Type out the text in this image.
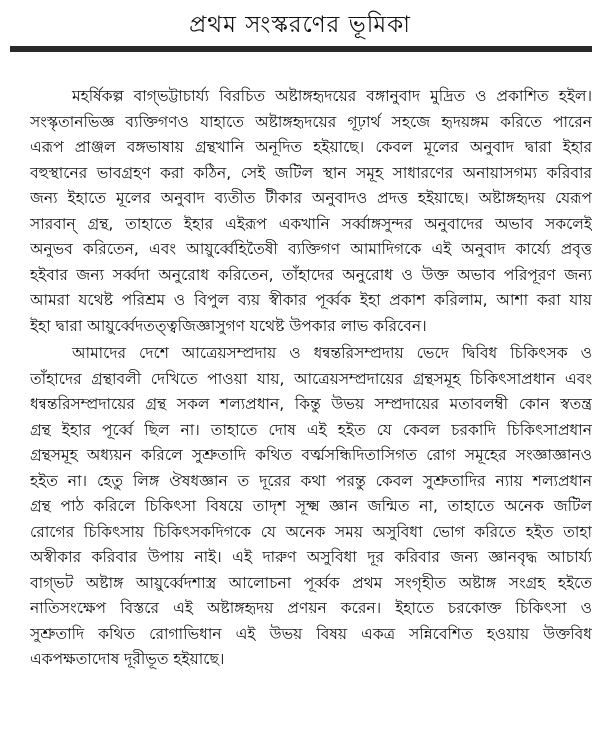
প্রথম সংস্করণের ভূমিকা
মহর্ষিকল্প বাগ্ভট্টাচার্য্য বিরচিত অষ্টাঙ্গহৃদয়ের বঙ্গানুবাদ মুদ্রিত ও প্রকাশিত হইল।
সংস্কৃতানভিজ্ঞ ব্যক্তিগণও যাহাতে অষ্টাঙ্গহৃদয়ের গূঢ়ার্থ সহজে হৃদয়ঙ্গম করিতে পারেন
এরূপ প্রাঞ্জল বঙ্গভাষায় গ্রন্থখানি অনূদিত হইয়াছে। কেবল মূলের অনুবাদ দ্বারা ইহার
বহুস্থানের ভাবগ্রহণ করা কঠিন, সেই জটিল স্থান সমূহ সাধারণের অনায়াসগম্য করিবার
জন্য ইহাতে মূলের অনুবাদ ব্যতীত টীকার অনুবাদও প্রদত্ত হইয়াছে। অষ্টাঙ্গহৃদয় যেরূপ
সারবান্ গ্রন্থ, তাহাতে ইহার এইরূপ একখানি সর্ব্বাঙ্গসুন্দর অনুবাদের অভাব সকলেই
অনুভব করিতেন, এবং আয়ুর্ব্বেহিতৈষী ব্যক্তিগণ আমাদিগকে এই অনুবাদ কার্য্যে প্রবৃত্ত
হইবার জন্য সর্ব্বদা অনুরোধ করিতেন, তাঁহাদের অনুরোধ ও উক্ত অভাব পরিপূরণ জন্য
আমরা যথেষ্ট পরিশ্রম ও বিপুল ব্যয় স্বীকার পূর্ব্বক ইহা প্রকাশ করিলাম, আশা করা যায়
ইহা দ্বারা আয়ুর্ব্বেদতত্ত্বজিজ্ঞাসুগণ যথেষ্ট উপকার লাভ করিবেন।
আমাদের দেশে আত্রেয়সম্প্রদায় ও ধন্বন্তরিসম্প্রদায় ভেদে দ্বিবিধ চিকিৎসক ও
তাঁহাদের গ্রন্থাবলী দেখিতে পাওয়া যায়, আত্রেয়সম্প্রদায়ের গ্রন্থসমূহ চিকিৎসাপ্রধান এবং
ধন্বন্তরিসম্প্রদায়ের গ্রন্থ সকল শল্যপ্রধান, কিন্তু উভয় সম্প্রদায়ের মতাবলম্বী কোন স্বতন্ত্র
গ্রন্থ ইহার পূর্ব্বে ছিল না। তাহাতে দোষ এই হইত যে কেবল চরকাদি চিকিৎসাপ্রধান
গ্রন্থসমূহ অধ্যয়ন করিলে সুশ্রুতাদি কথিত বর্ত্মসন্ধিদিতাসিগত রোগ সমূহের সংজ্ঞাজ্ঞানও
হইত না। হেতু লিঙ্গ ঔষধজ্ঞান ত দূরের কথা পরন্তু কেবল সুশ্রুতাদির ন্যায় শল্যপ্রধান
গ্রন্থ পাঠ করিলে চিকিৎসা বিষয়ে তাদৃশ সূক্ষ্ম জ্ঞান জন্মিত না, তাহাতে অনেক জটিল
রোগের চিকিৎসায় চিকিৎসকদিগকে যে অনেক সময় অসুবিধা ভোগ করিতে হইত তাহা
অস্বীকার করিবার উপায় নাই। এই দারুণ অসুবিধা দূর করিবার জন্য জ্ঞানবৃদ্ধ আচার্য্য
বাগ্ভট অষ্টাঙ্গ আয়ুর্ব্বেদশাস্ত্র আলোচনা পূর্ব্বক প্রথম সংগৃহীত অষ্টাঙ্গ সংগ্রহ হইতে
নাতিসংক্ষেপ বিস্তরে এই অষ্টাঙ্গহৃদয় প্রণয়ন করেন। ইহাতে চরকোক্ত চিকিৎসা ও
সুশ্রুতাদি কথিত রোগাভিধান এই উভয় বিষয় একত্র সন্নিবেশিত হওয়ায় উক্তবিধ
একপক্ষতাদোষ দূরীভূত হইয়াছে।
